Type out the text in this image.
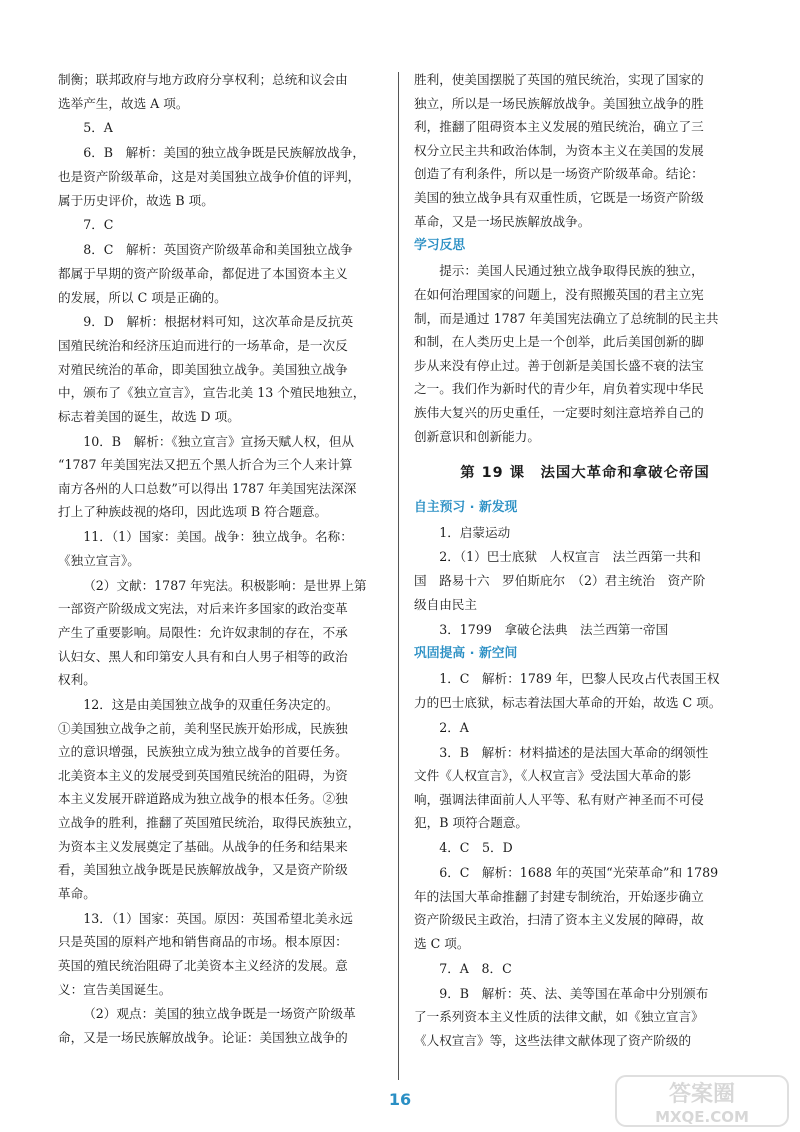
制衡；联邦政府与地方政府分享权利；总统和议会由
选举产生，故选 A 项。
5．A
6．B　解析：美国的独立战争既是民族解放战争，
也是资产阶级革命，这是对美国独立战争价值的评判，
属于历史评价，故选 B 项。
7．C
8．C　解析：英国资产阶级革命和美国独立战争
都属于早期的资产阶级革命，都促进了本国资本主义
的发展，所以 C 项是正确的。
9．D　解析：根据材料可知，这次革命是反抗英
国殖民统治和经济压迫而进行的一场革命，是一次反
对殖民统治的革命，即美国独立战争。美国独立战争
中，颁布了《独立宣言》，宣告北美 13 个殖民地独立，
标志着美国的诞生，故选 D 项。
10．B　解析：《独立宣言》宣扬天赋人权，但从
“1787 年美国宪法又把五个黑人折合为三个人来计算
南方各州的人口总数”可以得出 1787 年美国宪法深深
打上了种族歧视的烙印，因此选项 B 符合题意。
11．（1）国家：美国。战争：独立战争。名称：
《独立宣言》。
（2）文献：1787 年宪法。积极影响：是世界上第
一部资产阶级成文宪法，对后来许多国家的政治变革
产生了重要影响。局限性：允许奴隶制的存在，不承
认妇女、黑人和印第安人具有和白人男子相等的政治
权利。
12．这是由美国独立战争的双重任务决定的。
①美国独立战争之前，美利坚民族开始形成，民族独
立的意识增强，民族独立成为独立战争的首要任务。
北美资本主义的发展受到英国殖民统治的阻碍，为资
本主义发展开辟道路成为独立战争的根本任务。②独
立战争的胜利，推翻了英国殖民统治，取得民族独立，
为资本主义发展奠定了基础。从战争的任务和结果来
看，美国独立战争既是民族解放战争，又是资产阶级
革命。
13．（1）国家：英国。原因：英国希望北美永远
只是英国的原料产地和销售商品的市场。根本原因：
英国的殖民统治阻碍了北美资本主义经济的发展。意
义：宣告美国诞生。
（2）观点：美国的独立战争既是一场资产阶级革
命，又是一场民族解放战争。论证：美国独立战争的
胜利，使美国摆脱了英国的殖民统治，实现了国家的
独立，所以是一场民族解放战争。美国独立战争的胜
利，推翻了阻碍资本主义发展的殖民统治，确立了三
权分立民主共和政治体制，为资本主义在美国的发展
创造了有利条件，所以是一场资产阶级革命。结论：
美国的独立战争具有双重性质，它既是一场资产阶级
革命，又是一场民族解放战争。
学习反思
提示：美国人民通过独立战争取得民族的独立，
在如何治理国家的问题上，没有照搬英国的君主立宪
制，而是通过 1787 年美国宪法确立了总统制的民主共
和制，在人类历史上是一个创举，此后美国创新的脚
步从来没有停止过。善于创新是美国长盛不衰的法宝
之一。我们作为新时代的青少年，肩负着实现中华民
族伟大复兴的历史重任，一定要时刻注意培养自己的
创新意识和创新能力。
第 19 课　法国大革命和拿破仑帝国
自主预习 · 新发现
1．启蒙运动
2．（1）巴士底狱　人权宣言　法兰西第一共和
国　路易十六　罗伯斯庇尔　（2）君主统治　资产阶
级自由民主
3．1799　拿破仑法典　法兰西第一帝国
巩固提高 · 新空间
1．C　解析：1789 年，巴黎人民攻占代表国王权
力的巴士底狱，标志着法国大革命的开始，故选 C 项。
2．A
3．B　解析：材料描述的是法国大革命的纲领性
文件《人权宣言》，《人权宣言》受法国大革命的影
响，强调法律面前人人平等、私有财产神圣而不可侵
犯，B 项符合题意。
4．C　5．D
6．C　解析：1688 年的英国“光荣革命”和 1789
年的法国大革命推翻了封建专制统治，开始逐步确立
资产阶级民主政治，扫清了资本主义发展的障碍，故
选 C 项。
7．A　8．C
9．B　解析：英、法、美等国在革命中分别颁布
了一系列资本主义性质的法律文献，如《独立宣言》
《人权宣言》等，这些法律文献体现了资产阶级的
16	答案圈
MXQE.COM
